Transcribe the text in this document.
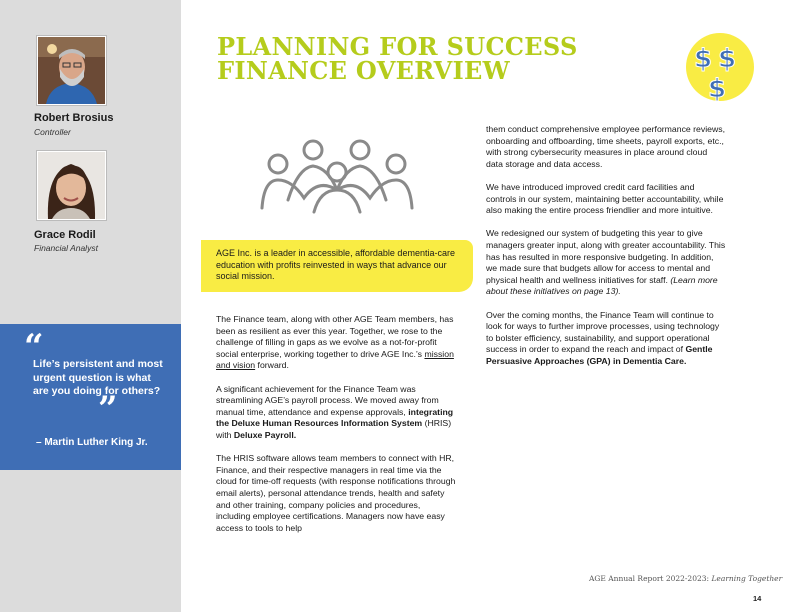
Robert Brosius
Controller
Grace Rodil
Financial Analyst
“
Life’s persistent and most urgent question is what are you doing for others?
”
– Martin Luther King Jr.
PLANNING FOR SUCCESS
FINANCE OVERVIEW	$ $
$
AGE Inc. is a leader in accessible, affordable dementia-care education with profits reinvested in ways that advance our social mission.

The Finance team, along with other AGE Team members, has been as resilient as ever this year. Together, we rose to the challenge of filling in gaps as we evolve as a not-for-profit social enterprise, working together to drive AGE Inc.’s mission and vision forward.

A significant achievement for the Finance Team was streamlining AGE’s payroll process. We moved away from manual time, attendance and expense approvals, integrating the Deluxe Human Resources Information System (HRIS) with Deluxe Payroll.

The HRIS software allows team members to connect with HR, Finance, and their respective managers in real time via the cloud for time-off requests (with response notifications through email alerts), personal attendance trends, health and safety and other training, company policies and procedures, including employee certifications. Managers now have easy access to tools to help

them conduct comprehensive employee performance reviews, onboarding and offboarding, time sheets, payroll exports, etc., with strong cybersecurity measures in place around cloud data storage and data access.

We have introduced improved credit card facilities and controls in our system, maintaining better accountability, while also making the entire process friendlier and more intuitive.

We redesigned our system of budgeting this year to give managers greater input, along with greater accountability. This has has resulted in more responsive budgeting. In addition, we made sure that budgets allow for access to mental and physical health and wellness initiatives for staff. (Learn more about these initiatives on page 13).

Over the coming months, the Finance Team will continue to look for ways to further improve processes, using technology to bolster efficiency, sustainability, and support operational success in order to expand the reach and impact of Gentle Persuasive Approaches (GPA) in Dementia Care.

AGE Annual Report 2022-2023: Learning Together
14
